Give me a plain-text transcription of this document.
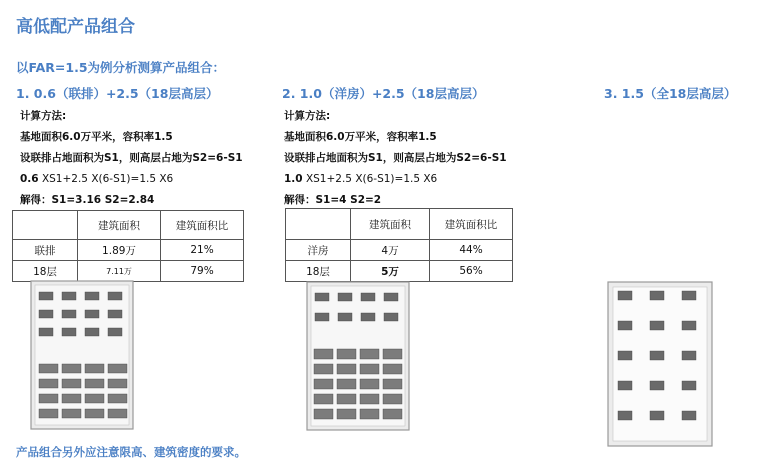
高低配产品组合
以FAR=1.5为例分析测算产品组合：
1. 0.6（联排）+2.5（18层高层）	2. 1.0（洋房）+2.5（18层高层）	3. 1.5（全18层高层）
计算方法:
基地面积6.0万平米，容积率1.5
设联排占地面积为S1，则高层占地为S2=6-S1
0.6 XS1+2.5 X(6-S1)=1.5 X6
解得：S1=3.16 S2=2.84
计算方法:
基地面积6.0万平米，容积率1.5
设联排占地面积为S1，则高层占地为S2=6-S1
1.0 XS1+2.5 X(6-S1)=1.5 X6
解得：S1=4 S2=2
	建筑面积	建筑面积比
联排	1.89万	21%
18层	7.11万	79%
	建筑面积	建筑面积比
洋房	4万	44%
18层	5万	56%
产品组合另外应注意限高、建筑密度的要求。
